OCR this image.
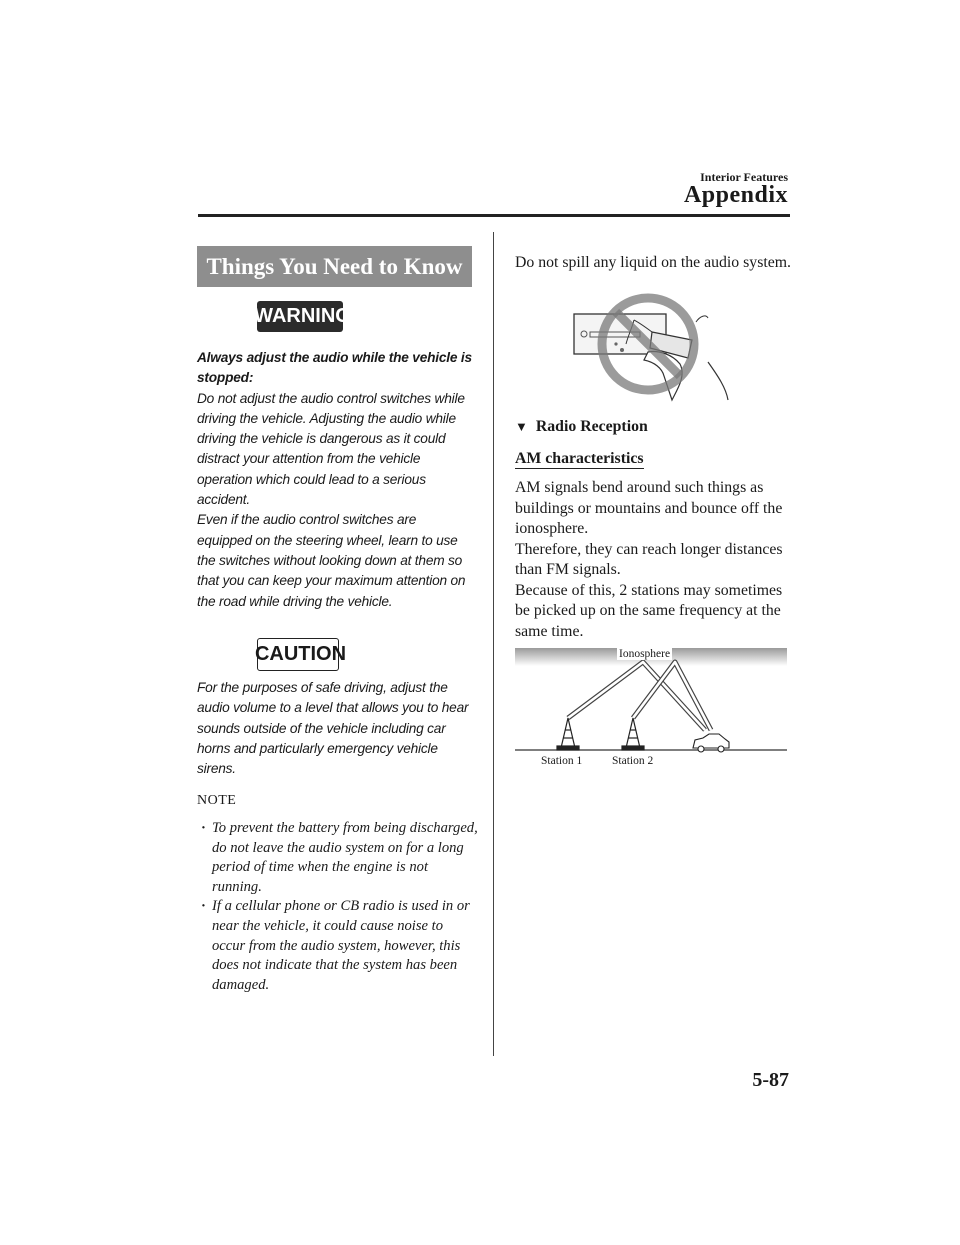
Interior Features
Appendix
Things You Need to Know
WARNING
Always adjust the audio while the vehicle is stopped:
Do not adjust the audio control switches while driving the vehicle. Adjusting the audio while driving the vehicle is dangerous as it could distract your attention from the vehicle operation which could lead to a serious accident.
Even if the audio control switches are equipped on the steering wheel, learn to use the switches without looking down at them so that you can keep your maximum attention on the road while driving the vehicle.
CAUTION
For the purposes of safe driving, adjust the audio volume to a level that allows you to hear sounds outside of the vehicle including car horns and particularly emergency vehicle sirens.
NOTE
· To prevent the battery from being discharged, do not leave the audio system on for a long period of time when the engine is not running.
· If a cellular phone or CB radio is used in or near the vehicle, it could cause noise to occur from the audio system, however, this does not indicate that the system has been damaged.
Do not spill any liquid on the audio system.
▼ Radio Reception
AM characteristics
AM signals bend around such things as buildings or mountains and bounce off the ionosphere.
Therefore, they can reach longer distances than FM signals.
Because of this, 2 stations may sometimes be picked up on the same frequency at the same time.
Ionosphere
Station 1	Station 2
5-87
